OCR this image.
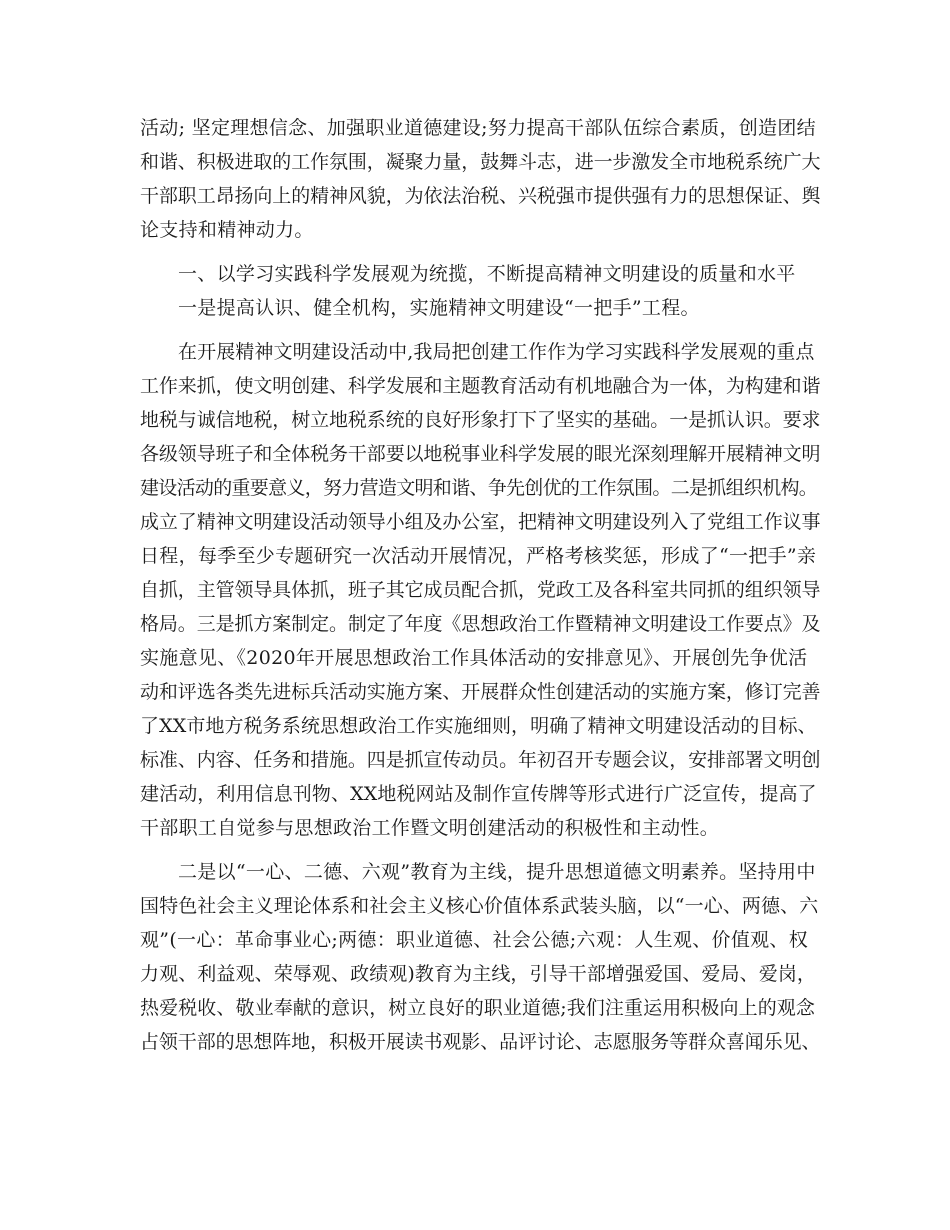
活动; 坚定理想信念、加强职业道德建设;努力提高干部队伍综合素质，创造团结
和谐、积极进取的工作氛围，凝聚力量，鼓舞斗志，进一步激发全市地税系统广大
干部职工昂扬向上的精神风貌，为依法治税、兴税强市提供强有力的思想保证、舆
论支持和精神动力。
一、以学习实践科学发展观为统揽，不断提高精神文明建设的质量和水平
一是提高认识、健全机构，实施精神文明建设“一把手”工程。
在开展精神文明建设活动中,我局把创建工作作为学习实践科学发展观的重点
工作来抓，使文明创建、科学发展和主题教育活动有机地融合为一体，为构建和谐
地税与诚信地税，树立地税系统的良好形象打下了坚实的基础。一是抓认识。要求
各级领导班子和全体税务干部要以地税事业科学发展的眼光深刻理解开展精神文明
建设活动的重要意义，努力营造文明和谐、争先创优的工作氛围。二是抓组织机构。
成立了精神文明建设活动领导小组及办公室，把精神文明建设列入了党组工作议事
日程，每季至少专题研究一次活动开展情况，严格考核奖惩，形成了“一把手”亲
自抓，主管领导具体抓，班子其它成员配合抓，党政工及各科室共同抓的组织领导
格局。三是抓方案制定。制定了年度《思想政治工作暨精神文明建设工作要点》及
实施意见、《2020年开展思想政治工作具体活动的安排意见》、开展创先争优活
动和评选各类先进标兵活动实施方案、开展群众性创建活动的实施方案，修订完善
了XX市地方税务系统思想政治工作实施细则，明确了精神文明建设活动的目标、
标准、内容、任务和措施。四是抓宣传动员。年初召开专题会议，安排部署文明创
建活动，利用信息刊物、XX地税网站及制作宣传牌等形式进行广泛宣传，提高了
干部职工自觉参与思想政治工作暨文明创建活动的积极性和主动性。
二是以“一心、二德、六观”教育为主线，提升思想道德文明素养。坚持用中
国特色社会主义理论体系和社会主义核心价值体系武装头脑，以“一心、两德、六
观”(一心：革命事业心;两德：职业道德、社会公德;六观：人生观、价值观、权
力观、利益观、荣辱观、政绩观)教育为主线，引导干部增强爱国、爱局、爱岗，
热爱税收、敬业奉献的意识，树立良好的职业道德;我们注重运用积极向上的观念
占领干部的思想阵地，积极开展读书观影、品评讨论、志愿服务等群众喜闻乐见、
